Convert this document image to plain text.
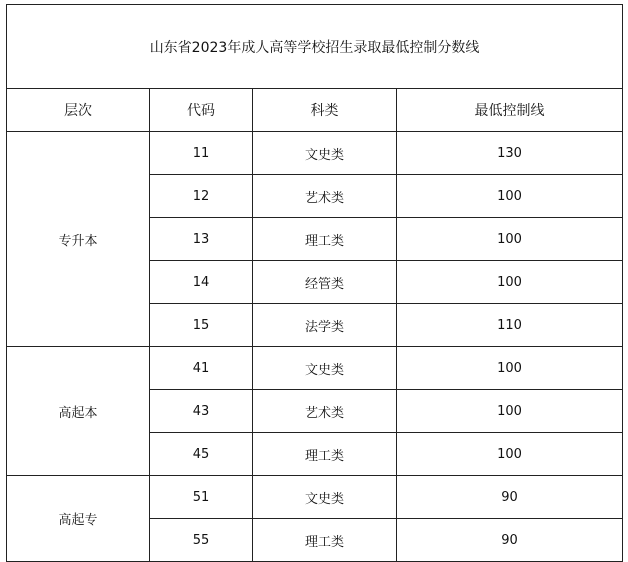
山东省2023年成人高等学校招生录取最低控制分数线			
层次	代码	科类	最低控制线
专升本	11	文史类	130
	12	艺术类	100
	13	理工类	100
	14	经管类	100
	15	法学类	110
高起本	41	文史类	100
	43	艺术类	100
	45	理工类	100
高起专	51	文史类	90
	55	理工类	90
